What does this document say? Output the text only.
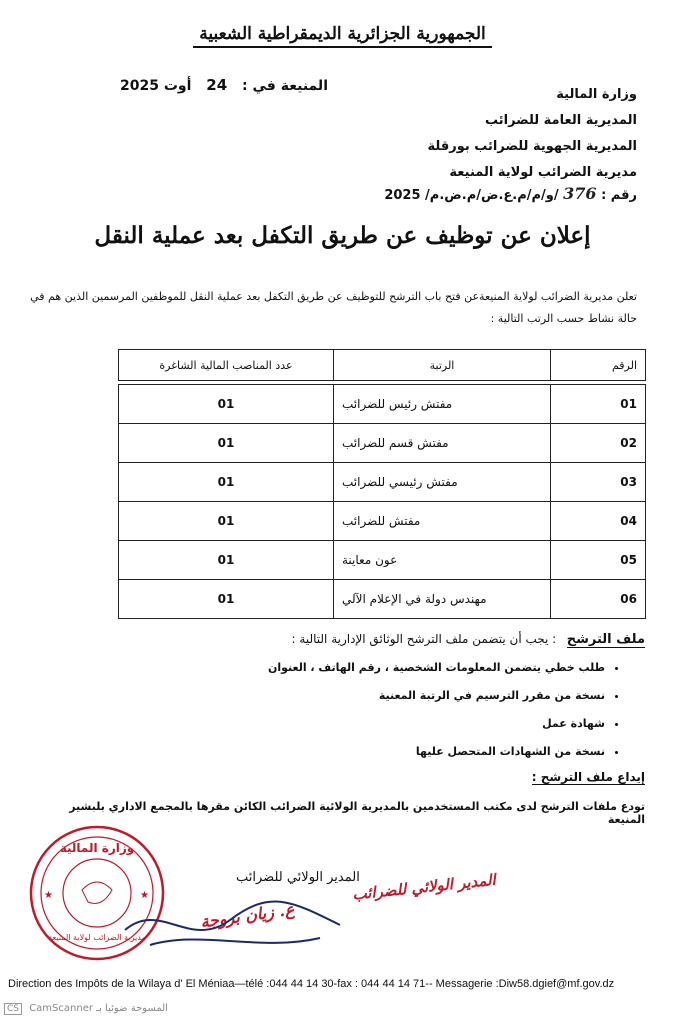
الجمهورية الجزائرية الديمقراطية الشعبية
المنيعة في : 24 أوت 2025
وزارة المالية
المديرية العامة للضرائب
المديرية الجهوية للضرائب بورقلة
مديرية الضرائب لولاية المنيعة
رقم : 376 /و/م/م.ع.ض/م.ض.م/ 2025
إعلان عن توظيف عن طريق التكفل بعد عملية النقل
تعلن مديرية الضرائب لولاية المنيعةعن فتح باب الترشح للتوظيف عن طريق التكفل بعد عملية النقل للموظفين المرسمين الذين هم في حالة نشاط حسب الرتب التالية :
الرقم	الرتبة	عدد المناصب المالية الشاغرة

01	مفتش رئيس للضرائب	01
02	مفتش قسم للضرائب	01
03	مفتش رئيسي للضرائب	01
04	مفتش للضرائب	01
05	عون معاينة	01
06	مهندس دولة في الإعلام الآلي	01
ملف الترشح : يجب أن يتضمن ملف الترشح الوثائق الإدارية التالية :
• طلب خطي يتضمن المعلومات الشخصية ، رقم الهاتف ، العنوان
• نسخة من مقرر الترسيم في الرتبة المعنية
• شهادة عمل
• نسخة من الشهادات المتحصل عليها
إيداع ملف الترشح :
تودع ملفات الترشح لدى مكتب المستخدمين بالمديرية الولائية الضرائب الكائن مقرها بالمجمع الاداري بلبشير المنيعة
وزارة المالية
مديرية الضرائب لولاية المنيعة
★	★
المدير الولائي للضرائب
المدير الولائي للضرائب
ع. زيان بروجة
Direction des Impôts de la Wilaya d' El Méniaa—télé :044 44 14 30-fax : 044 44 14 71-- Messagerie :Diw58.dgief@mf.gov.dz
CS CamScanner المسوحة ضوئيا بـ
